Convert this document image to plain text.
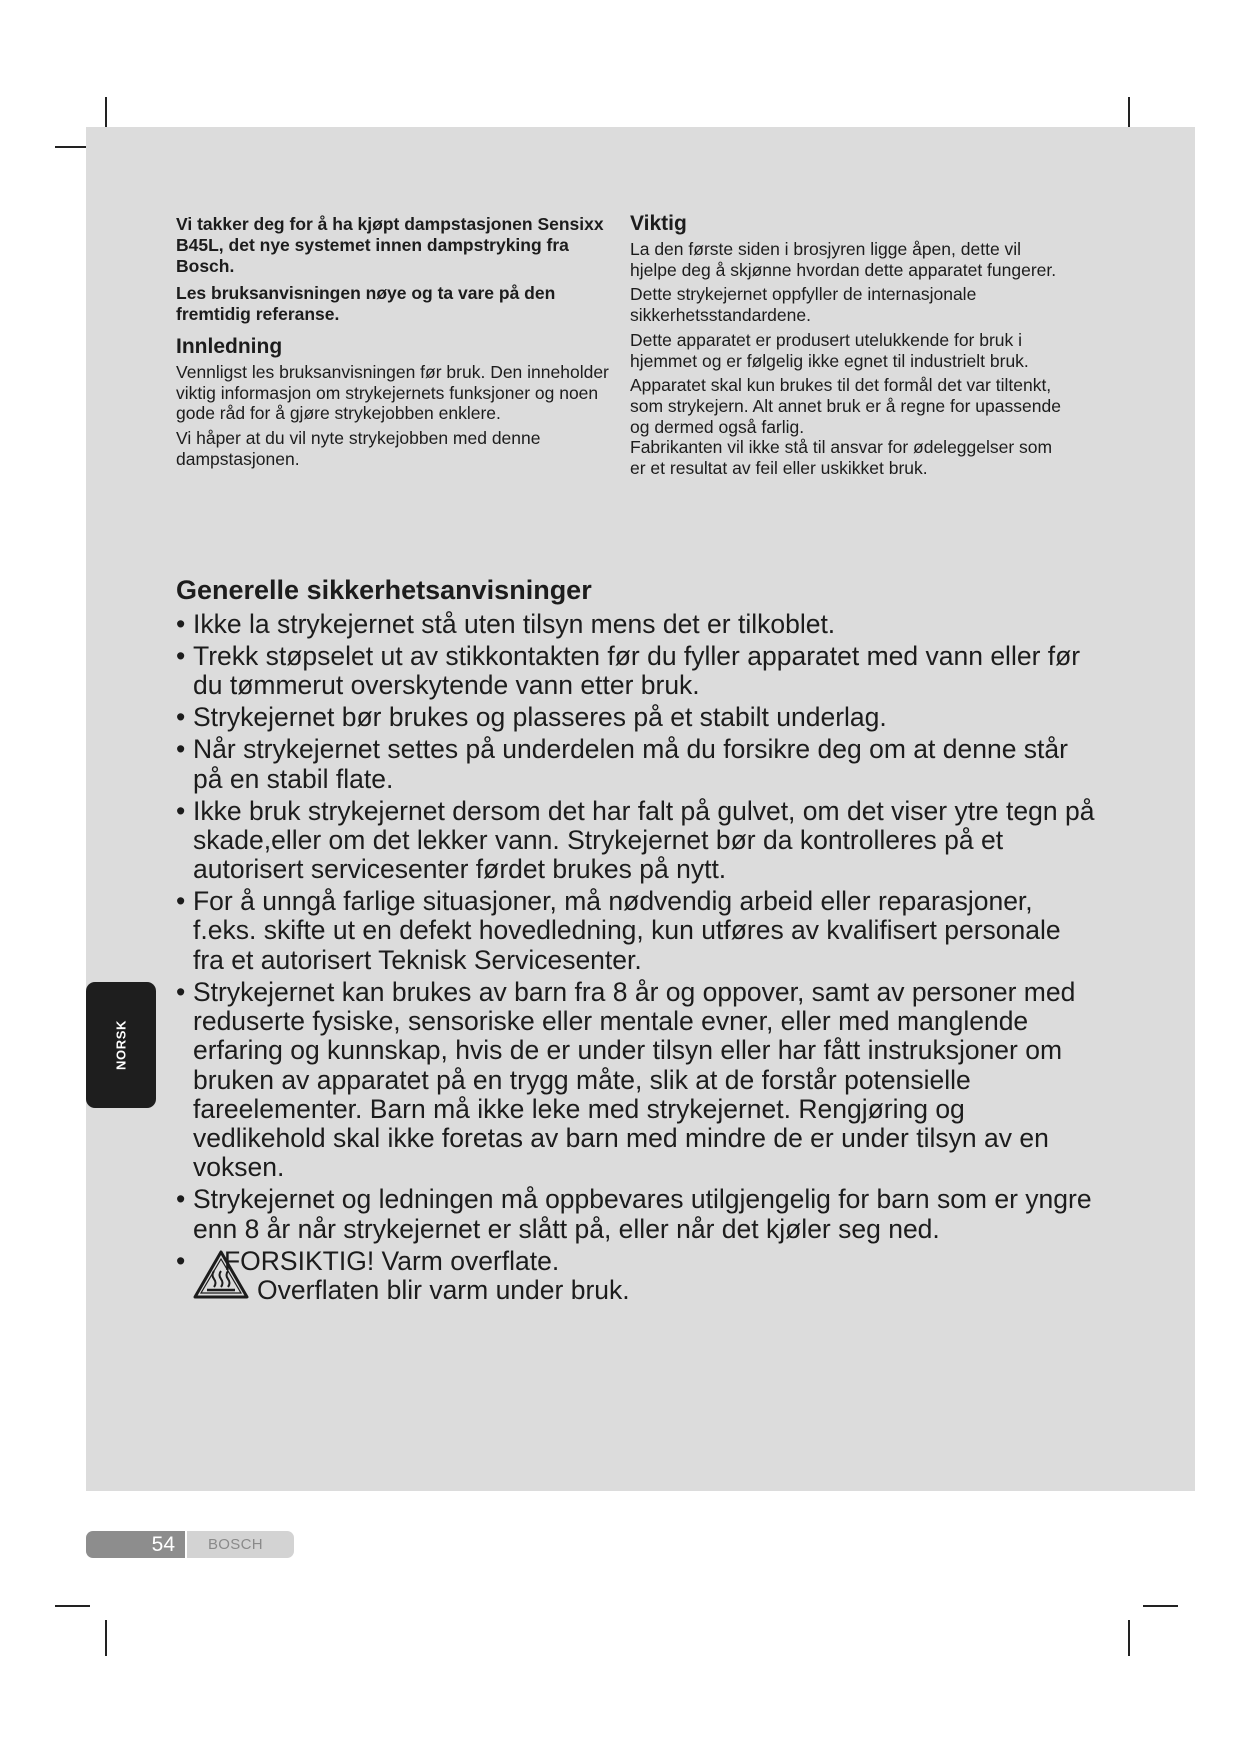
Vi takker deg for å ha kjøpt dampstasjonen Sensixx B45L, det nye systemet innen dampstryking fra Bosch.

Les bruksanvisningen nøye og ta vare på den fremtidig referanse.

Innledning

Vennligst les bruksanvisningen før bruk. Den inneholder viktig informasjon om strykejernets funksjoner og noen gode råd for å gjøre strykejobben enklere.

Vi håper at du vil nyte strykejobben med denne dampstasjonen.

Viktig

La den første siden i brosjyren ligge åpen, dette vil hjelpe deg å skjønne hvordan dette apparatet fungerer.

Dette strykejernet oppfyller de internasjonale sikkerhetsstandardene.

Dette apparatet er produsert utelukkende for bruk i hjemmet og er følgelig ikke egnet til industrielt bruk.

Apparatet skal kun brukes til det formål det var tiltenkt, som strykejern. Alt annet bruk er å regne for upassende og dermed også farlig.

Fabrikanten vil ikke stå til ansvar for ødeleggelser som er et resultat av feil eller uskikket bruk.

Generelle sikkerhetsanvisninger
• Ikke la strykejernet stå uten tilsyn mens det er tilkoblet.
• Trekk støpselet ut av stikkontakten før du fyller apparatet med vann eller før du tømmerut overskytende vann etter bruk.
• Strykejernet bør brukes og plasseres på et stabilt underlag.
• Når strykejernet settes på underdelen må du forsikre deg om at denne står på en stabil flate.
• Ikke bruk strykejernet dersom det har falt på gulvet, om det viser ytre tegn på skade,eller om det lekker vann. Strykejernet bør da kontrolleres på et autorisert servicesenter førdet brukes på nytt.
• For å unngå farlige situasjoner, må nødvendig arbeid eller reparasjoner, f.eks. skifte ut en defekt hovedledning, kun utføres av kvalifisert personale fra et autorisert Teknisk Servicesenter.
• Strykejernet kan brukes av barn fra 8 år og oppover, samt av personer med reduserte fysiske, sensoriske eller mentale evner, eller med manglende erfaring og kunnskap, hvis de er under tilsyn eller har fått instruksjoner om bruken av apparatet på en trygg måte, slik at de forstår potensielle fareelementer. Barn må ikke leke med strykejernet. Rengjøring og vedlikehold skal ikke foretas av barn med mindre de er under tilsyn av en voksen.
• Strykejernet og ledningen må oppbevares utilgjengelig for barn som er yngre enn 8 år når strykejernet er slått på, eller når det kjøler seg ned.
• FORSIKTIG! Varm overflate.
Overflaten blir varm under bruk.
NORSK
54	BOSCH
